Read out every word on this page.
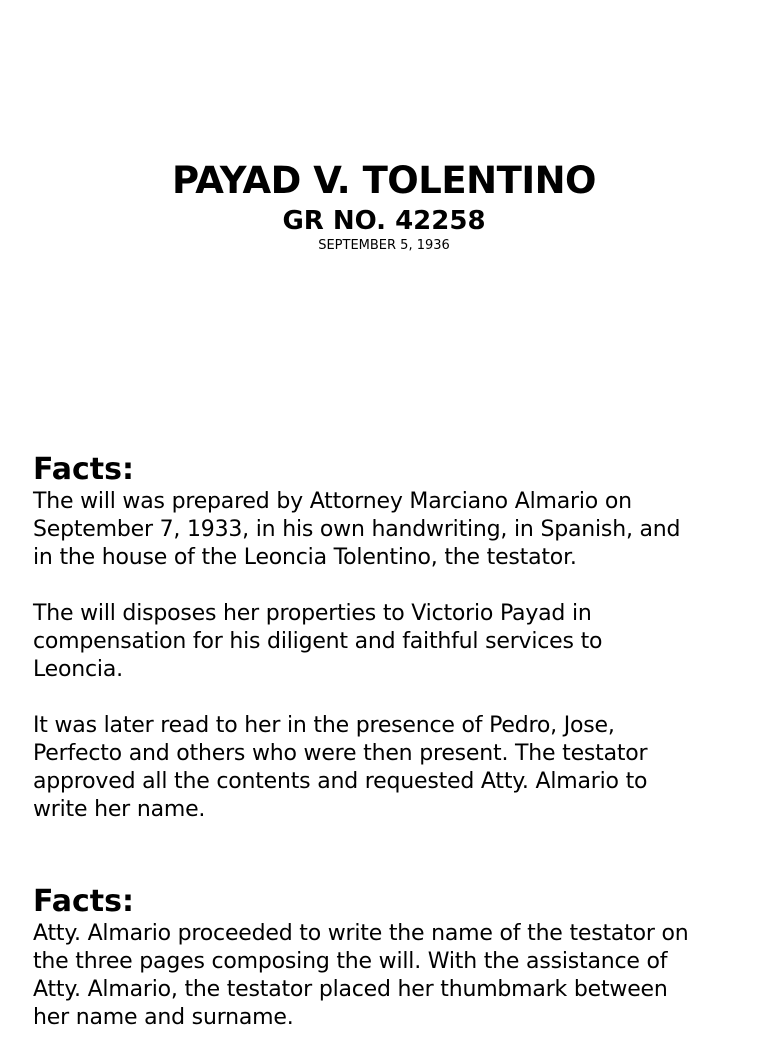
PAYAD V. TOLENTINO
GR NO. 42258
SEPTEMBER 5, 1936
Facts:

The will was prepared by Attorney Marciano Almario on
September 7, 1933, in his own handwriting, in Spanish, and
in the house of the Leoncia Tolentino, the testator.

The will disposes her properties to Victorio Payad in
compensation for his diligent and faithful services to
Leoncia.

It was later read to her in the presence of Pedro, Jose,
Perfecto and others who were then present. The testator
approved all the contents and requested Atty. Almario to
write her name.

Facts:

Atty. Almario proceeded to write the name of the testator on
the three pages composing the will. With the assistance of
Atty. Almario, the testator placed her thumbmark between
her name and surname.
